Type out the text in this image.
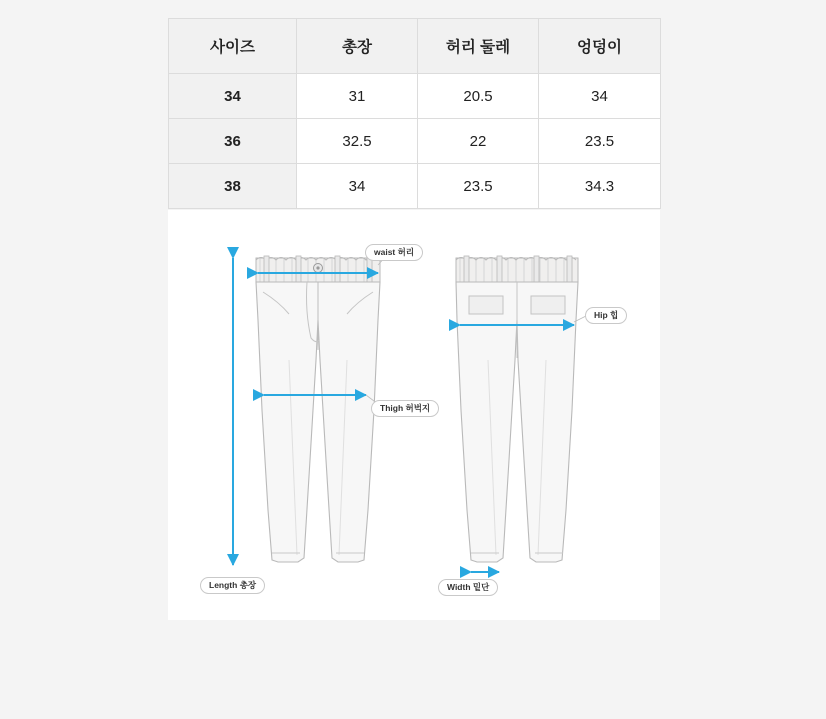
사이즈	총장	허리 둘레	엉덩이
34	31	20.5	34
36	32.5	22	23.5
38	34	23.5	34.3
waist 허리
Hip 힙
Thigh 허벅지
Length 총장	Width 밑단
